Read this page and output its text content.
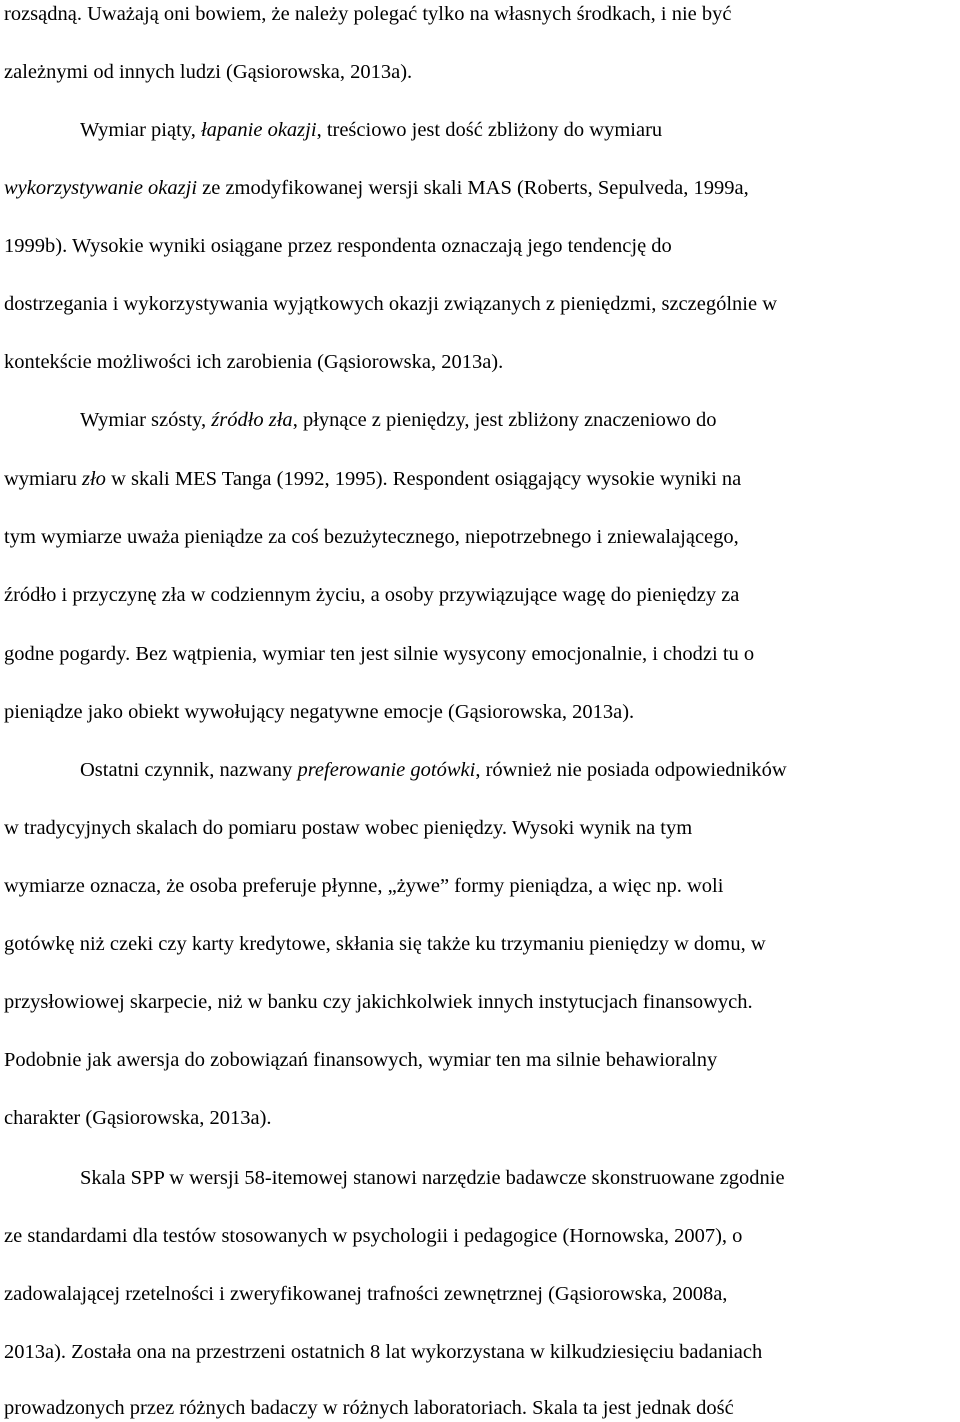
rozsądną. Uważają oni bowiem, że należy polegać tylko na własnych środkach, i nie być

zależnymi od innych ludzi (Gąsiorowska, 2013a).

Wymiar piąty, łapanie okazji, treściowo jest dość zbliżony do wymiaru

wykorzystywanie okazji ze zmodyfikowanej wersji skali MAS (Roberts, Sepulveda, 1999a,

1999b). Wysokie wyniki osiągane przez respondenta oznaczają jego tendencję do

dostrzegania i wykorzystywania wyjątkowych okazji związanych z pieniędzmi, szczególnie w

kontekście możliwości ich zarobienia (Gąsiorowska, 2013a).

Wymiar szósty, źródło zła, płynące z pieniędzy, jest zbliżony znaczeniowo do

wymiaru zło w skali MES Tanga (1992, 1995). Respondent osiągający wysokie wyniki na

tym wymiarze uważa pieniądze za coś bezużytecznego, niepotrzebnego i zniewalającego,

źródło i przyczynę zła w codziennym życiu, a osoby przywiązujące wagę do pieniędzy za

godne pogardy. Bez wątpienia, wymiar ten jest silnie wysycony emocjonalnie, i chodzi tu o

pieniądze jako obiekt wywołujący negatywne emocje (Gąsiorowska, 2013a).

Ostatni czynnik, nazwany preferowanie gotówki, również nie posiada odpowiedników

w tradycyjnych skalach do pomiaru postaw wobec pieniędzy. Wysoki wynik na tym

wymiarze oznacza, że osoba preferuje płynne, „żywe” formy pieniądza, a więc np. woli

gotówkę niż czeki czy karty kredytowe, skłania się także ku trzymaniu pieniędzy w domu, w

przysłowiowej skarpecie, niż w banku czy jakichkolwiek innych instytucjach finansowych.

Podobnie jak awersja do zobowiązań finansowych, wymiar ten ma silnie behawioralny

charakter (Gąsiorowska, 2013a).

Skala SPP w wersji 58-itemowej stanowi narzędzie badawcze skonstruowane zgodnie

ze standardami dla testów stosowanych w psychologii i pedagogice (Hornowska, 2007), o

zadowalającej rzetelności i zweryfikowanej trafności zewnętrznej (Gąsiorowska, 2008a,

2013a). Została ona na przestrzeni ostatnich 8 lat wykorzystana w kilkudziesięciu badaniach

prowadzonych przez różnych badaczy w różnych laboratoriach. Skala ta jest jednak dość
